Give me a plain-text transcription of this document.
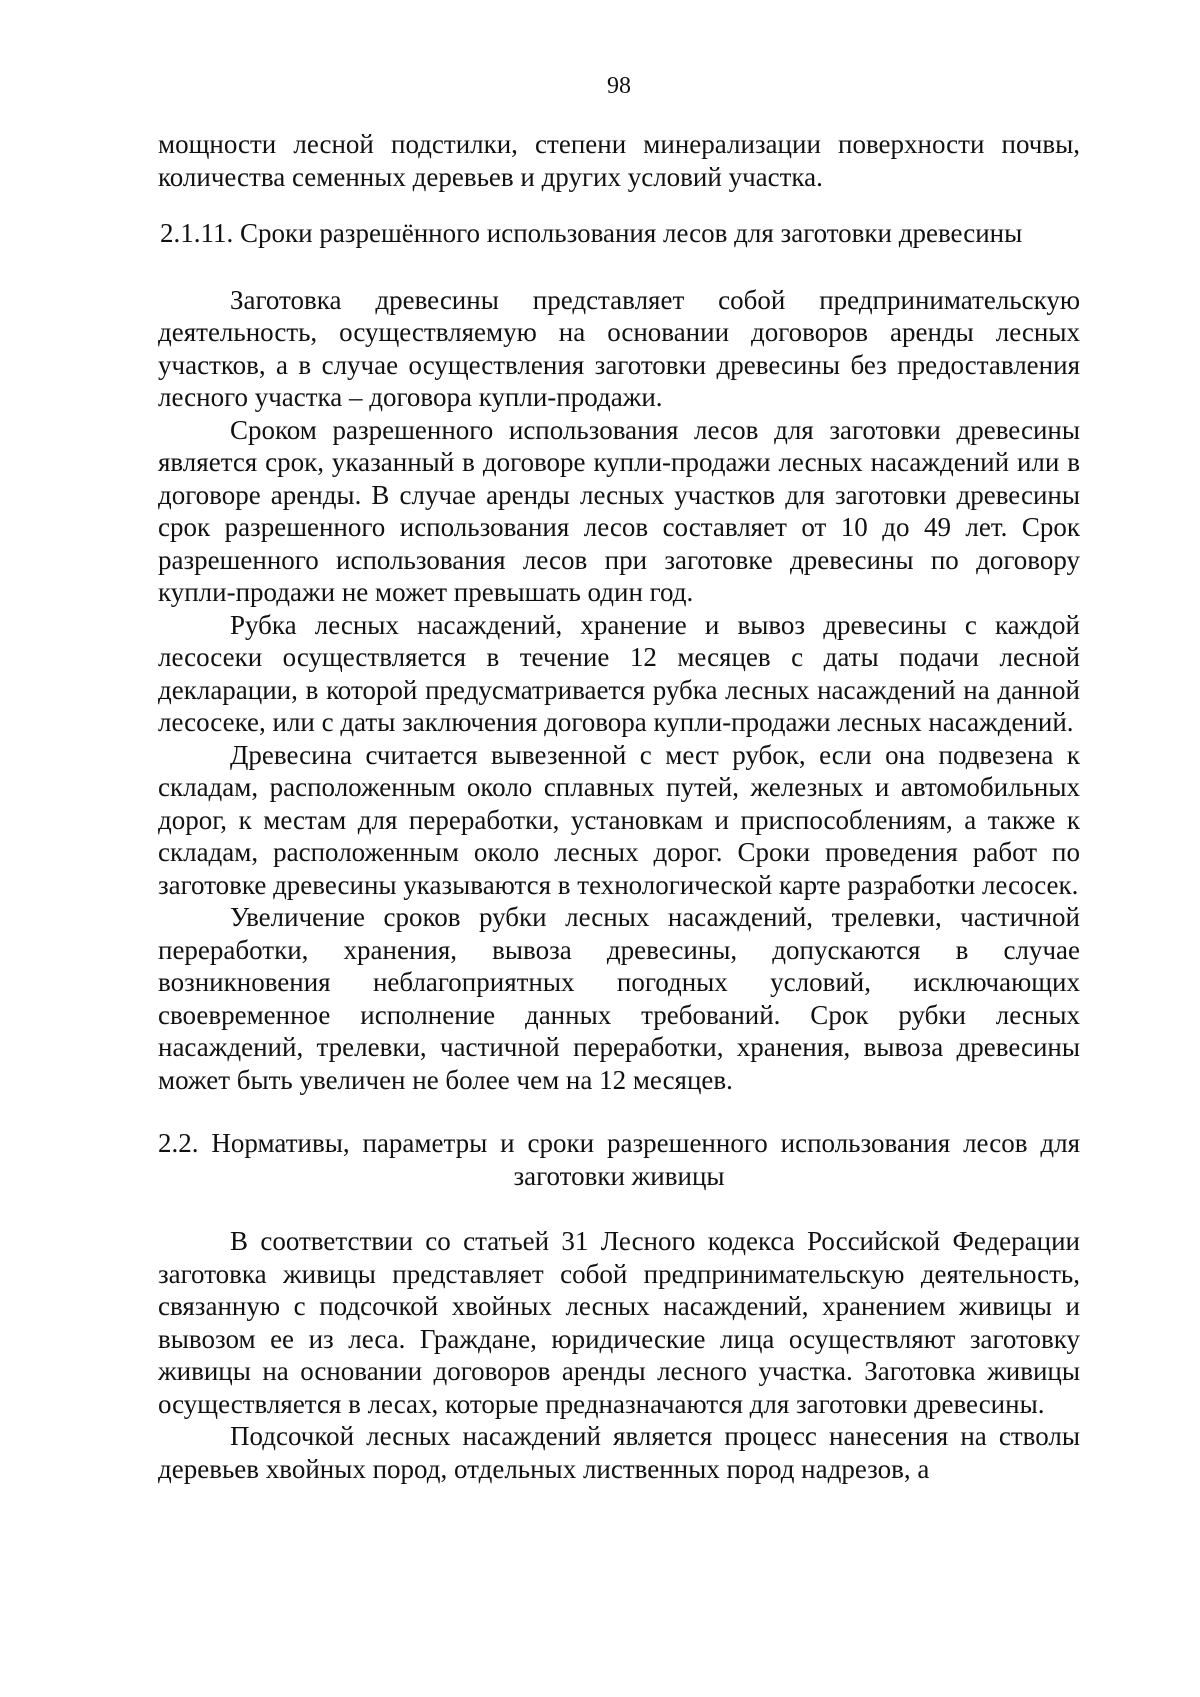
98

мощности лесной подстилки, степени минерализации поверхности почвы, количества семенных деревьев и других условий участка.

2.1.11. Сроки разрешённого использования лесов для заготовки древесины

Заготовка древесины представляет собой предпринимательскую деятельность, осуществляемую на основании договоров аренды лесных участков, а в случае осуществления заготовки древесины без предоставления лесного участка – договора купли-продажи.

Сроком разрешенного использования лесов для заготовки древесины является срок, указанный в договоре купли-продажи лесных насаждений или в договоре аренды. В случае аренды лесных участков для заготовки древесины срок разрешенного использования лесов составляет от 10 до 49 лет. Срок разрешенного использования лесов при заготовке древесины по договору купли-продажи не может превышать один год.

Рубка лесных насаждений, хранение и вывоз древесины с каждой лесосеки осуществляется в течение 12 месяцев с даты подачи лесной декларации, в которой предусматривается рубка лесных насаждений на данной лесосеке, или с даты заключения договора купли-продажи лесных насаждений.

Древесина считается вывезенной с мест рубок, если она подвезена к складам, расположенным около сплавных путей, железных и автомобильных дорог, к местам для переработки, установкам и приспособлениям, а также к складам, расположенным около лесных дорог. Сроки проведения работ по заготовке древесины указываются в технологической карте разработки лесосек.

Увеличение сроков рубки лесных насаждений, трелевки, частичной переработки, хранения, вывоза древесины, допускаются в случае возникновения неблагоприятных погодных условий, исключающих своевременное исполнение данных требований. Срок рубки лесных насаждений, трелевки, частичной переработки, хранения, вывоза древесины может быть увеличен не более чем на 12 месяцев.

2.2. Нормативы, параметры и сроки разрешенного использования лесов для заготовки живицы

В соответствии со статьей 31 Лесного кодекса Российской Федерации заготовка живицы представляет собой предпринимательскую деятельность, связанную с подсочкой хвойных лесных насаждений, хранением живицы и вывозом ее из леса. Граждане, юридические лица осуществляют заготовку живицы на основании договоров аренды лесного участка. Заготовка живицы осуществляется в лесах, которые предназначаются для заготовки древесины.

Подсочкой лесных насаждений является процесс нанесения на стволы деревьев хвойных пород, отдельных лиственных пород надрезов, а
